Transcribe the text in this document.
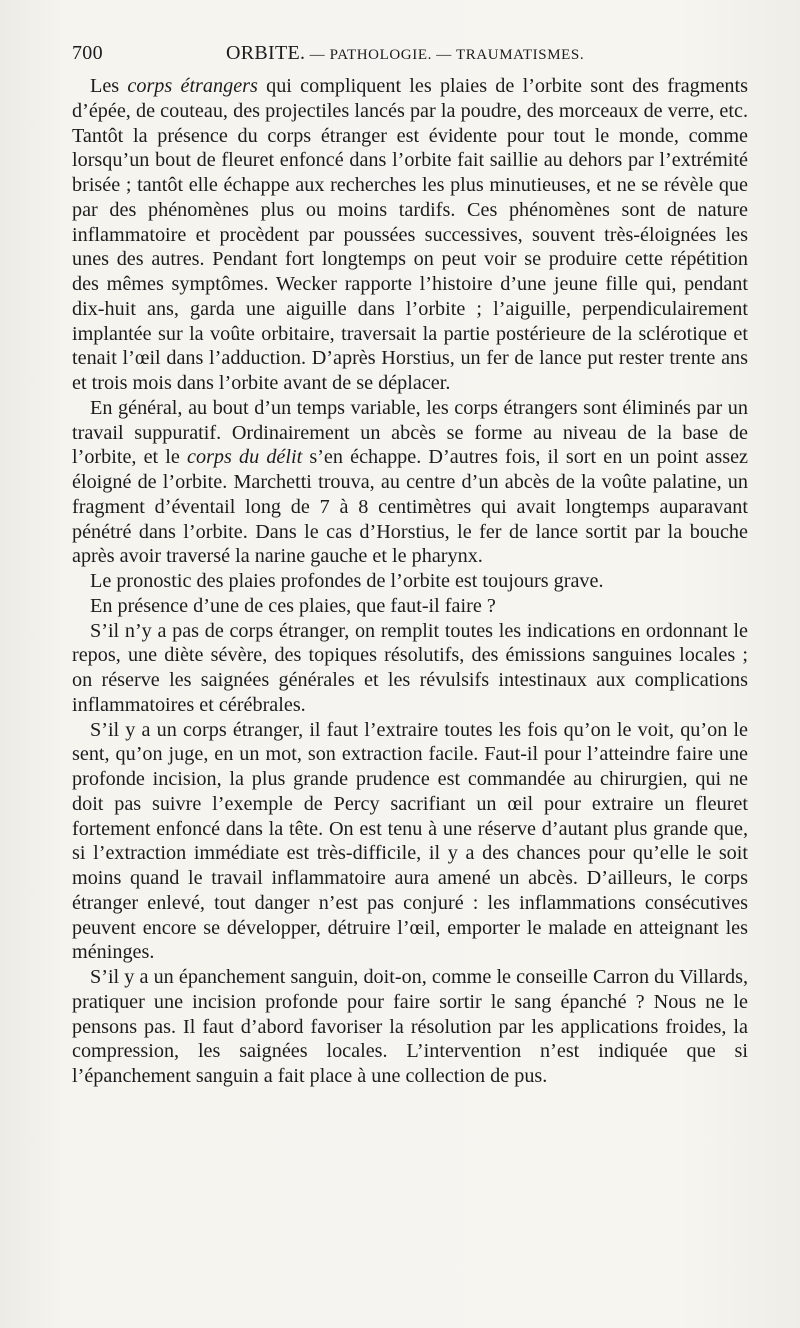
700	ORBITE. — PATHOLOGIE. — TRAUMATISMES.

Les corps étrangers qui compliquent les plaies de l’orbite sont des fragments d’épée, de couteau, des projectiles lancés par la poudre, des morceaux de verre, etc. Tantôt la présence du corps étranger est évidente pour tout le monde, comme lorsqu’un bout de fleuret enfoncé dans l’orbite fait saillie au dehors par l’extrémité brisée ; tantôt elle échappe aux recherches les plus minutieuses, et ne se révèle que par des phénomènes plus ou moins tardifs. Ces phénomènes sont de nature inflammatoire et procèdent par poussées successives, souvent très-éloignées les unes des autres. Pendant fort longtemps on peut voir se produire cette répétition des mêmes symptômes. Wecker rapporte l’histoire d’une jeune fille qui, pendant dix-huit ans, garda une aiguille dans l’orbite ; l’aiguille, perpendiculairement implantée sur la voûte orbitaire, traversait la partie postérieure de la sclérotique et tenait l’œil dans l’adduction. D’après Horstius, un fer de lance put rester trente ans et trois mois dans l’orbite avant de se déplacer.

En général, au bout d’un temps variable, les corps étrangers sont éliminés par un travail suppuratif. Ordinairement un abcès se forme au niveau de la base de l’orbite, et le corps du délit s’en échappe. D’autres fois, il sort en un point assez éloigné de l’orbite. Marchetti trouva, au centre d’un abcès de la voûte palatine, un fragment d’éventail long de 7 à 8 centimètres qui avait longtemps auparavant pénétré dans l’orbite. Dans le cas d’Horstius, le fer de lance sortit par la bouche après avoir traversé la narine gauche et le pharynx.

Le pronostic des plaies profondes de l’orbite est toujours grave.

En présence d’une de ces plaies, que faut-il faire ?

S’il n’y a pas de corps étranger, on remplit toutes les indications en ordonnant le repos, une diète sévère, des topiques résolutifs, des émissions sanguines locales ; on réserve les saignées générales et les révulsifs intestinaux aux complications inflammatoires et cérébrales.

S’il y a un corps étranger, il faut l’extraire toutes les fois qu’on le voit, qu’on le sent, qu’on juge, en un mot, son extraction facile. Faut-il pour l’atteindre faire une profonde incision, la plus grande prudence est commandée au chirurgien, qui ne doit pas suivre l’exemple de Percy sacrifiant un œil pour extraire un fleuret fortement enfoncé dans la tête. On est tenu à une réserve d’autant plus grande que, si l’extraction immédiate est très-difficile, il y a des chances pour qu’elle le soit moins quand le travail inflammatoire aura amené un abcès. D’ailleurs, le corps étranger enlevé, tout danger n’est pas conjuré : les inflammations consécutives peuvent encore se développer, détruire l’œil, emporter le malade en atteignant les méninges.

S’il y a un épanchement sanguin, doit-on, comme le conseille Carron du Villards, pratiquer une incision profonde pour faire sortir le sang épanché ? Nous ne le pensons pas. Il faut d’abord favoriser la résolution par les applications froides, la compression, les saignées locales. L’intervention n’est indiquée que si l’épanchement sanguin a fait place à une collection de pus.
